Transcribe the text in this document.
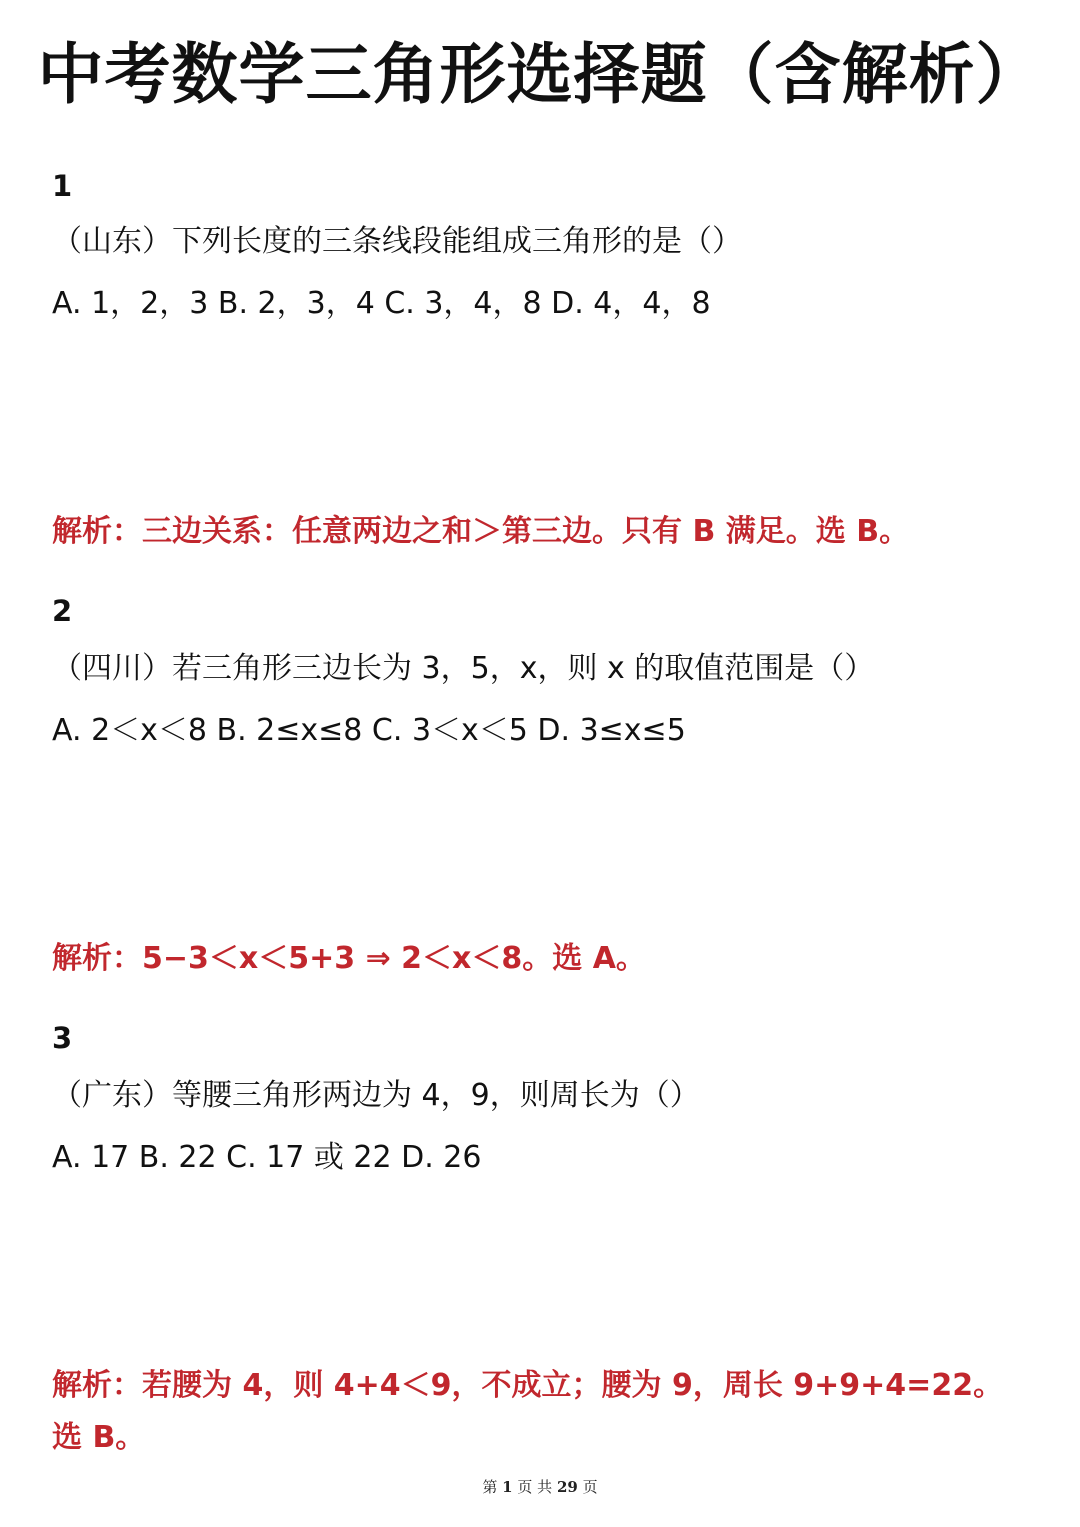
中考数学三角形选择题（含解析）
1
（山东）下列长度的三条线段能组成三角形的是（）
A. 1，2，3 B. 2，3，4 C. 3，4，8 D. 4，4，8
解析：三边关系：任意两边之和＞第三边。只有 B 满足。选 B。
2
（四川）若三角形三边长为 3，5，x，则 x 的取值范围是（）
A. 2＜x＜8 B. 2≤x≤8 C. 3＜x＜5 D. 3≤x≤5
解析：5−3＜x＜5+3 ⇒ 2＜x＜8。选 A。
3
（广东）等腰三角形两边为 4，9，则周长为（）
A. 17 B. 22 C. 17 或 22 D. 26
解析：若腰为 4，则 4+4＜9，不成立；腰为 9，周长 9+9+4=22。选 B。
第 1 页 共 29 页
